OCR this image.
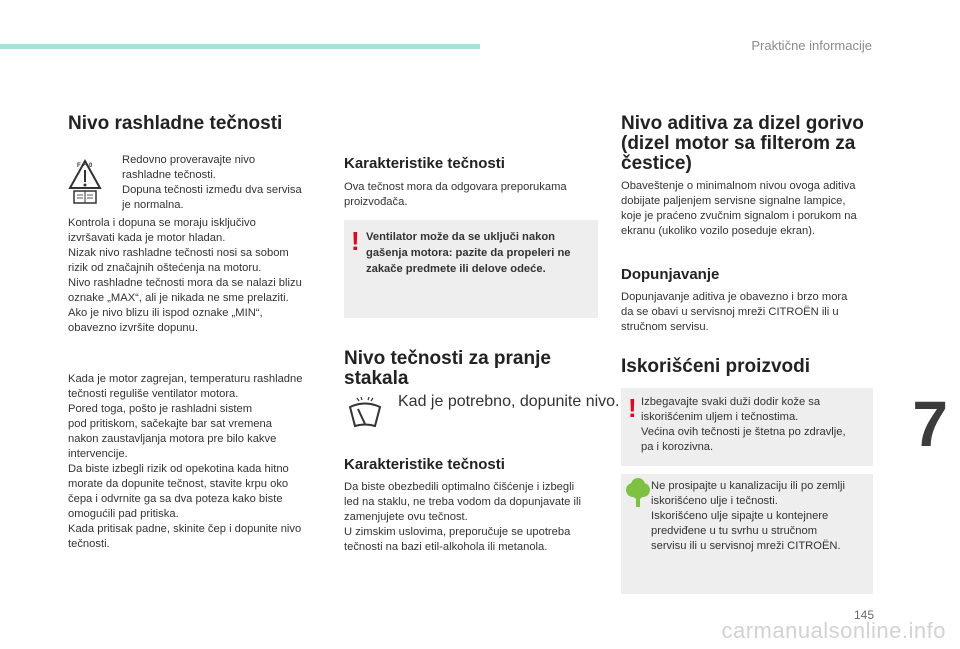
Praktične informacije
Nivo rashladne tečnosti
F A 0	Redovno proveravajte nivo

rashladne tečnosti.

Dopuna tečnosti između dva servisa

je normalna.

Kontrola i dopuna se moraju isključivo

izvršavati kada je motor hladan.

Nizak nivo rashladne tečnosti nosi sa sobom

rizik od značajnih oštećenja na motoru.

Nivo rashladne tečnosti mora da se nalazi blizu

oznake „MAX“, ali je nikada ne sme prelaziti.

Ako je nivo blizu ili ispod oznake „MIN“,

obavezno izvršite dopunu.

Kada je motor zagrejan, temperaturu rashladne

tečnosti reguliše ventilator motora.

Pored toga, pošto je rashladni sistem

pod pritiskom, sačekajte bar sat vremena

nakon zaustavljanja motora pre bilo kakve

intervencije.

Da biste izbegli rizik od opekotina kada hitno

morate da dopunite tečnost, stavite krpu oko

čepa i odvrnite ga sa dva poteza kako biste

omogućili pad pritiska.

Kada pritisak padne, skinite čep i dopunite nivo

tečnosti.

Karakteristike tečnosti

Ova tečnost mora da odgovara preporukama

proizvođača.

! Ventilator može da se uključi nakon
gašenja motora: pazite da propeleri ne
zakače predmete ili delove odeće.
Nivo tečnosti za pranje
stakala
Kad je potrebno, dopunite nivo.
Karakteristike tečnosti

Da biste obezbedili optimalno čišćenje i izbegli

led na staklu, ne treba vodom da dopunjavate ili

zamenjujete ovu tečnost.

U zimskim uslovima, preporučuje se upotreba

tečnosti na bazi etil-alkohola ili metanola.

Nivo aditiva za dizel gorivo
(dizel motor sa filterom za
čestice)

Obaveštenje o minimalnom nivou ovoga aditiva

dobijate paljenjem servisne signalne lampice,

koje je praćeno zvučnim signalom i porukom na

ekranu (ukoliko vozilo poseduje ekran).

Dopunjavanje

Dopunjavanje aditiva je obavezno i brzo mora

da se obavi u servisnoj mreži CITROËN ili u

stručnom servisu.

Iskorišćeni proizvodi
! Izbegavajte svaki duži dodir kože sa

iskorišćenim uljem i tečnostima.

Većina ovih tečnosti je štetna po zdravlje,

pa i korozivna.

Ne prosipajte u kanalizaciju ili po zemlji

iskorišćeno ulje i tečnosti.

Iskorišćeno ulje sipajte u kontejnere

predviđene u tu svrhu u stručnom

servisu ili u servisnoj mreži CITROËN.

7
145
carmanualsonline.info
